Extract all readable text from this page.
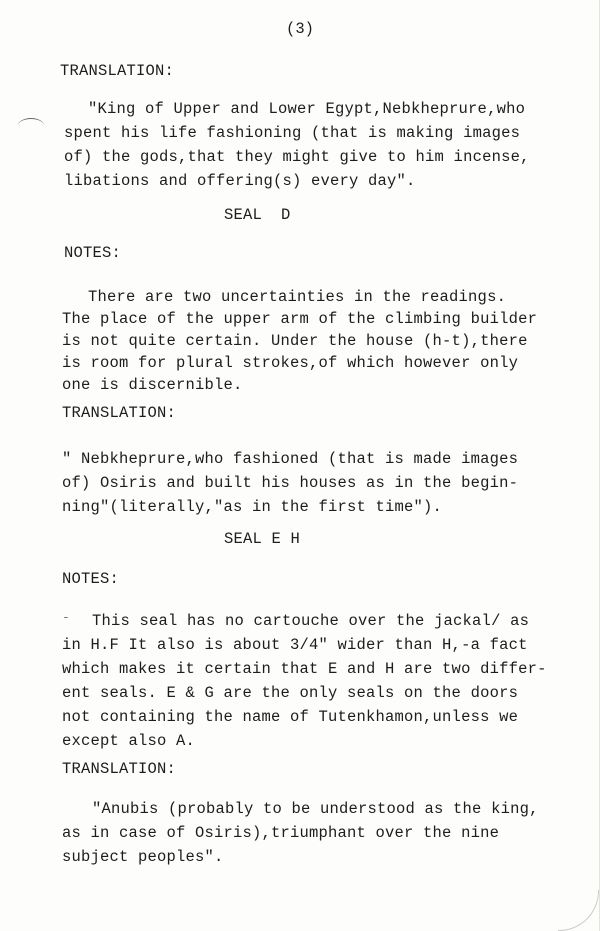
(3)
TRANSLATION:
"King of Upper and Lower Egypt,Nebkheprure,who
spent his life fashioning (that is making images
of) the gods,that they might give to him incense,
libations and offering(s) every day".
SEAL  D
NOTES:
There are two uncertainties in the readings.
The place of the upper arm of the climbing builder
is not quite certain. Under the house (h-t),there
is room for plural strokes,of which however only
one is discernible.
TRANSLATION:
" Nebkheprure,who fashioned (that is made images
of) Osiris and built his houses as in the begin-
ning"(literally,"as in the first time").
SEAL E H
NOTES:
- This seal has no cartouche over the jackal/ as
in H.F It also is about 3/4" wider than H,-a fact
which makes it certain that E and H are two differ-
ent seals. E & G are the only seals on the doors
not containing the name of Tutenkhamon,unless we
except also A.
TRANSLATION:
"Anubis (probably to be understood as the king,
as in case of Osiris),triumphant over the nine
subject peoples".
